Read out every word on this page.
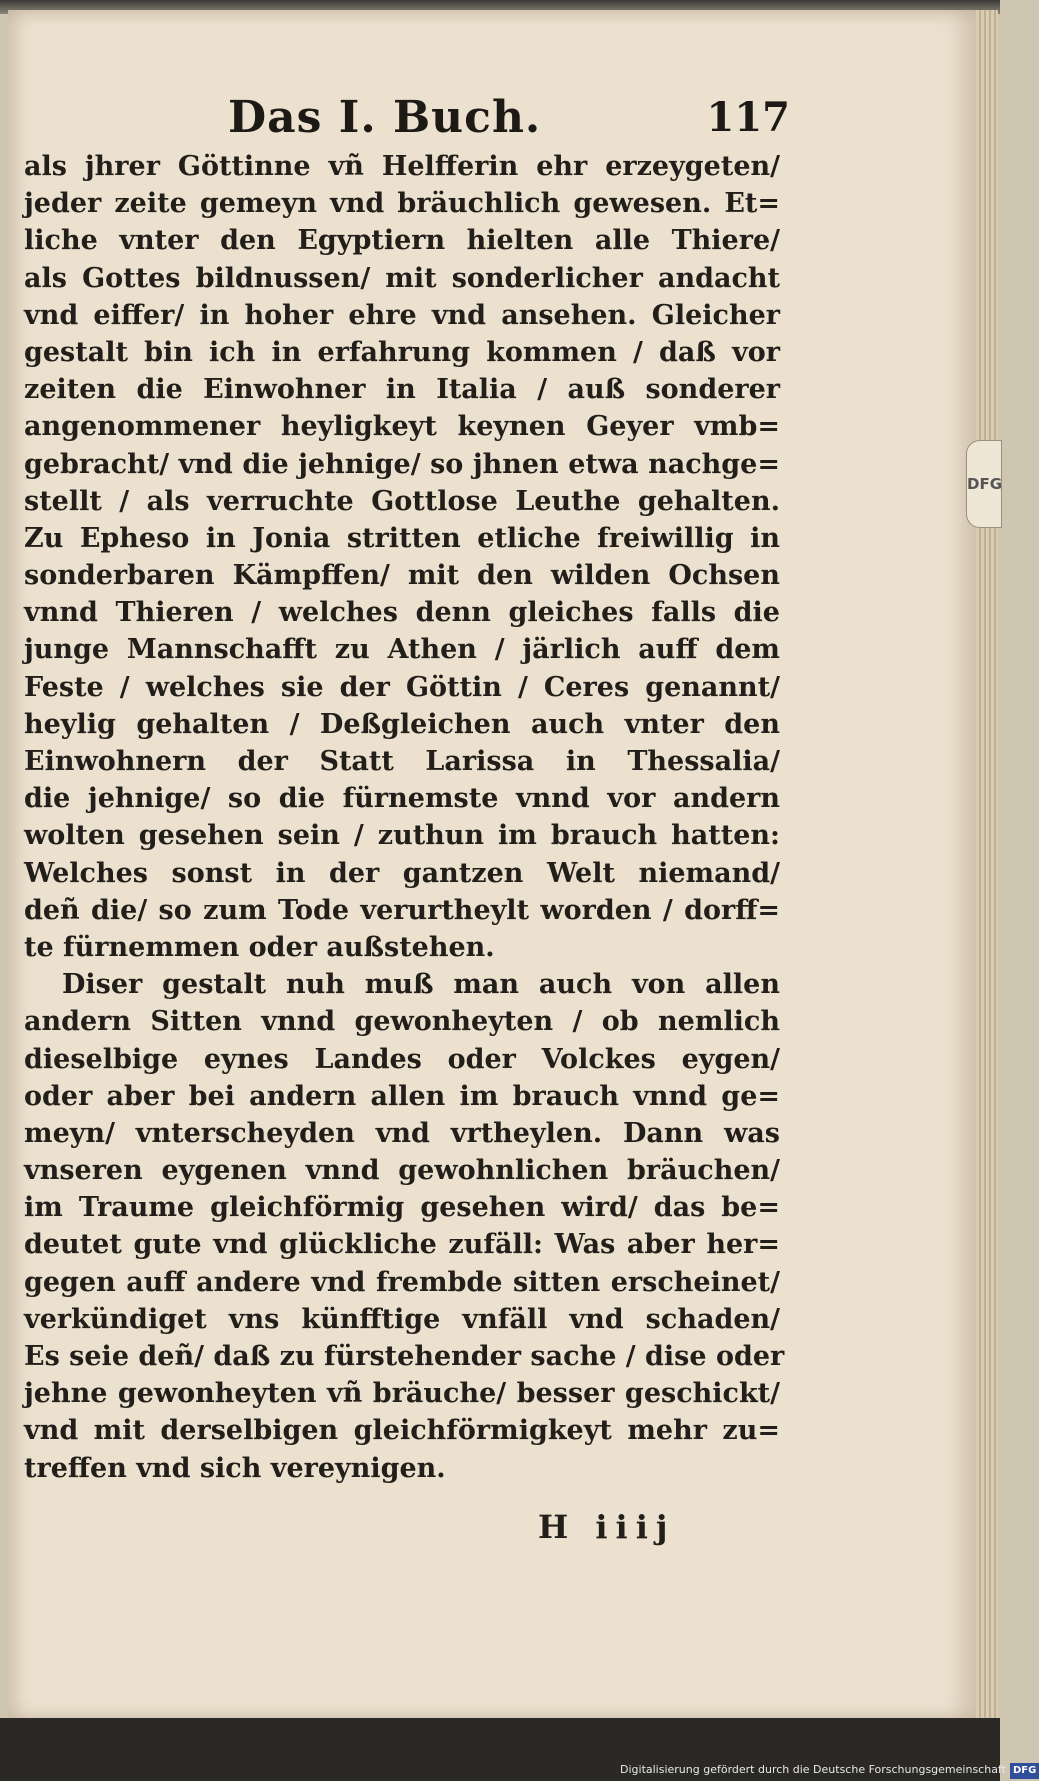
DFG
Das I. Buch.	117
als jhrer Göttinne vñ Helfferin ehr erzeygeten/
jeder zeite gemeyn vnd bräuchlich gewesen. Et=
liche vnter den Egyptiern hielten alle Thiere/
als Gottes bildnussen/ mit sonderlicher andacht
vnd eiffer/ in hoher ehre vnd ansehen. Gleicher
gestalt bin ich in erfahrung kommen / daß vor
zeiten die Einwohner in Italia / auß sonderer
angenommener heyligkeyt keynen Geyer vmb=
gebracht/ vnd die jehnige/ so jhnen etwa nachge=
stellt / als verruchte Gottlose Leuthe gehalten.
Zu Epheso in Jonia stritten etliche freiwillig in
sonderbaren Kämpffen/ mit den wilden Ochsen
vnnd Thieren / welches denn gleiches falls die
junge Mannschafft zu Athen / järlich auff dem
Feste / welches sie der Göttin / Ceres genannt/
heylig gehalten / Deßgleichen auch vnter den
Einwohnern der Statt Larissa in Thessalia/
die jehnige/ so die fürnemste vnnd vor andern
wolten gesehen sein / zuthun im brauch hatten:
Welches sonst in der gantzen Welt niemand/
deñ die/ so zum Tode verurtheylt worden / dorff=
te fürnemmen oder außstehen.
Diser gestalt nuh muß man auch von allen
andern Sitten vnnd gewonheyten / ob nemlich
dieselbige eynes Landes oder Volckes eygen/
oder aber bei andern allen im brauch vnnd ge=
meyn/ vnterscheyden vnd vrtheylen. Dann was
vnseren eygenen vnnd gewohnlichen bräuchen/
im Traume gleichförmig gesehen wird/ das be=
deutet gute vnd glückliche zufäll: Was aber her=
gegen auff andere vnd frembde sitten erscheinet/
verkündiget vns künfftige vnfäll vnd schaden/
Es seie deñ/ daß zu fürstehender sache / dise oder
jehne gewonheyten vñ bräuche/ besser geschickt/
vnd mit derselbigen gleichförmigkeyt mehr zu=
treffen vnd sich vereynigen.
H iiij
Digitalisierung gefördert durch die Deutsche Forschungsgemeinschaft DFG
